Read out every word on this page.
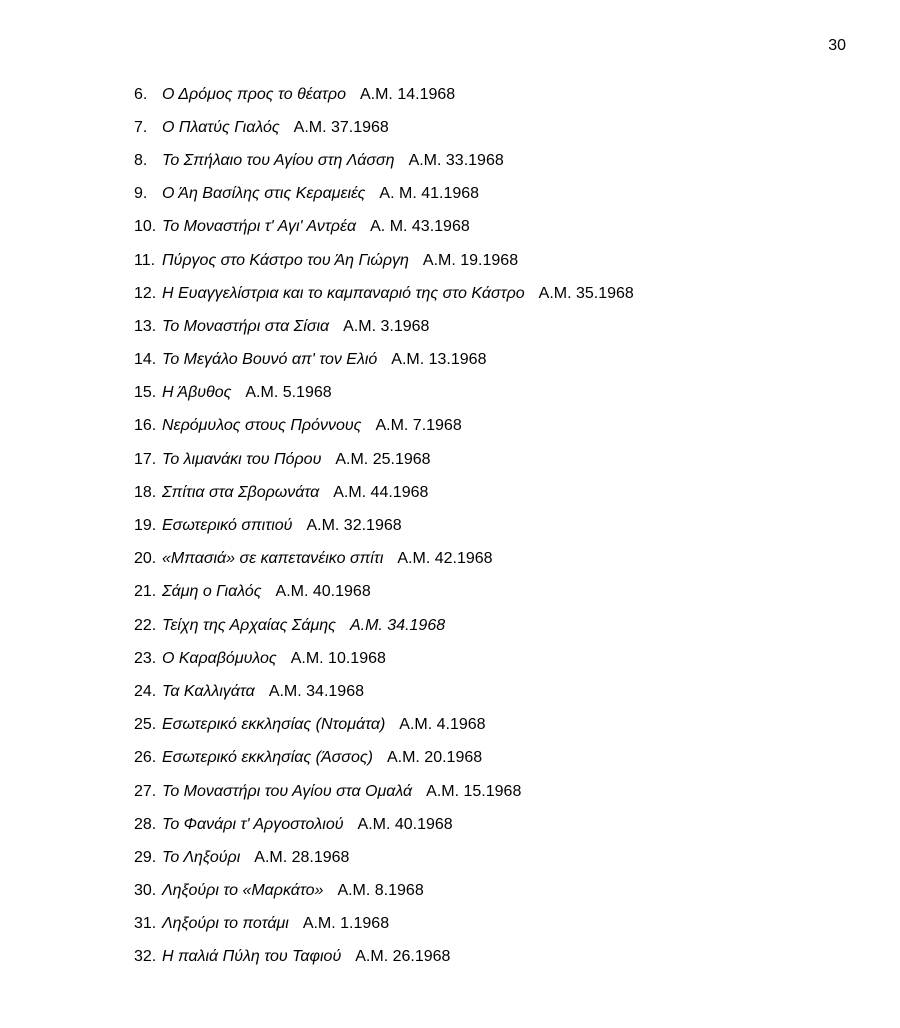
30
6. Ο Δρόμος προς το θέατρο Α.Μ. 14.1968
7. Ο Πλατύς Γιαλός Α.Μ. 37.1968
8. Το Σπήλαιο του Αγίου στη Λάσση Α.Μ. 33.1968
9. Ο Άη Βασίλης στις Κεραμειές Α. Μ. 41.1968
10. Το Μοναστήρι τ' Αγι' Αντρέα Α. Μ. 43.1968
11. Πύργος στο Κάστρο του Άη Γιώργη Α.Μ. 19.1968
12. Η Ευαγγελίστρια και το καμπαναριό της στο Κάστρο Α.Μ. 35.1968
13. Το Μοναστήρι στα Σίσια Α.Μ. 3.1968
14. Το Μεγάλο Βουνό απ' τον Ελιό Α.Μ. 13.1968
15. Η Άβυθος Α.Μ. 5.1968
16. Νερόμυλος στους Πρόννους Α.Μ. 7.1968
17. Το λιμανάκι του Πόρου Α.Μ. 25.1968
18. Σπίτια στα Σβορωνάτα Α.Μ. 44.1968
19. Εσωτερικό σπιτιού Α.Μ. 32.1968
20. «Μπασιά» σε καπετανέικο σπίτι Α.Μ. 42.1968
21. Σάμη ο Γιαλός Α.Μ. 40.1968
22. Τείχη της Αρχαίας Σάμης Α.Μ. 34.1968
23. Ο Καραβόμυλος Α.Μ. 10.1968
24. Τα Καλλιγάτα Α.Μ. 34.1968
25. Εσωτερικό εκκλησίας (Ντομάτα) Α.Μ. 4.1968
26. Εσωτερικό εκκλησίας (Άσσος) Α.Μ. 20.1968
27. Το Μοναστήρι του Αγίου στα Ομαλά Α.Μ. 15.1968
28. Το Φανάρι τ' Αργοστολιού Α.Μ. 40.1968
29. Το Ληξούρι Α.Μ. 28.1968
30. Ληξούρι το «Μαρκάτο» Α.Μ. 8.1968
31. Ληξούρι το ποτάμι Α.Μ. 1.1968
32. Η παλιά Πύλη του Ταφιού Α.Μ. 26.1968
